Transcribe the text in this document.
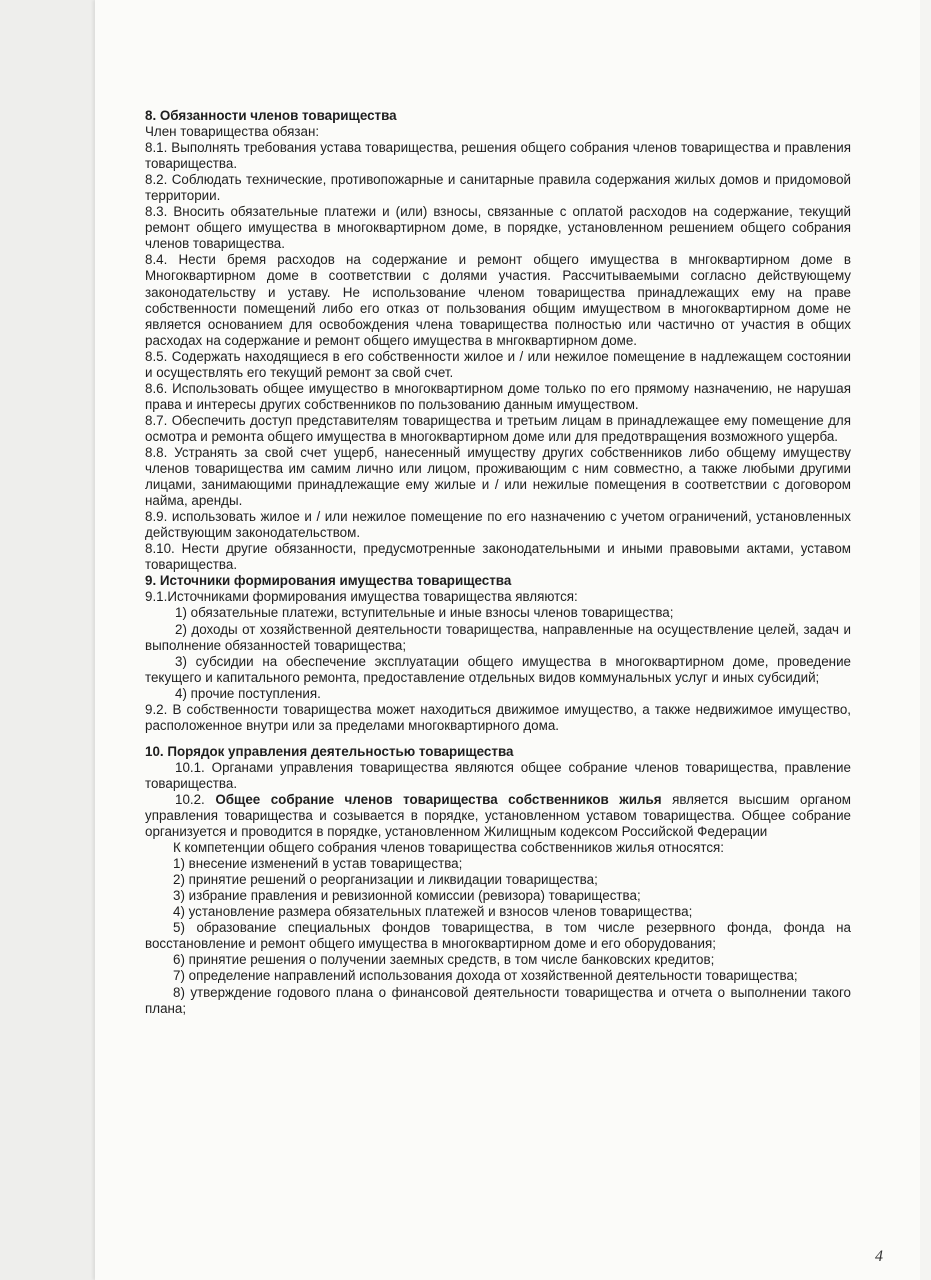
8. Обязанности членов товарищества

Член товарищества обязан:

8.1. Выполнять требования устава товарищества, решения общего собрания членов товарищества и правления товарищества.

8.2. Соблюдать технические, противопожарные и санитарные правила содержания жилых домов и придомовой территории.

8.3. Вносить обязательные платежи и (или) взносы, связанные с оплатой расходов на содержание, текущий ремонт общего имущества в многоквартирном доме, в порядке, установленном решением общего собрания членов товарищества.

8.4. Нести бремя расходов на содержание и ремонт общего имущества в мнгоквартирном доме в Многоквартирном доме в соответствии с долями участия. Рассчитываемыми согласно действующему законодательству и уставу. Не использование членом товарищества принадлежащих ему на праве собственности помещений либо его отказ от пользования общим имуществом в многоквартирном доме не является основанием для освобождения члена товарищества полностью или частично от участия в общих расходах на содержание и ремонт общего имущества в мнгоквартирном доме.

8.5. Содержать находящиеся в его собственности жилое и / или нежилое помещение в надлежащем состоянии и осуществлять его текущий ремонт за свой счет.

8.6. Использовать общее имущество в многоквартирном доме только по его прямому назначению, не нарушая права и интересы других собственников по пользованию данным имуществом.

8.7. Обеспечить доступ представителям товарищества и третьим лицам в принадлежащее ему помещение для осмотра и ремонта общего имущества в многоквартирном доме или для предотвращения возможного ущерба.

8.8. Устранять за свой счет ущерб, нанесенный имуществу других собственников либо общему имуществу членов товарищества им самим лично или лицом, проживающим с ним совместно, а также любыми другими лицами, занимающими принадлежащие ему жилые и / или нежилые помещения в соответствии с договором найма, аренды.

8.9. использовать жилое и / или нежилое помещение по его назначению с учетом ограничений, установленных действующим законодательством.

8.10. Нести другие обязанности, предусмотренные законодательными и иными правовыми актами, уставом товарищества.

9. Источники формирования имущества товарищества

9.1.Источниками формирования имущества товарищества являются:

1) обязательные платежи, вступительные и иные взносы членов товарищества;

2) доходы от хозяйственной деятельности товарищества, направленные на осуществление целей, задач и выполнение обязанностей товарищества;

3) субсидии на обеспечение эксплуатации общего имущества в многоквартирном доме, проведение текущего и капитального ремонта, предоставление отдельных видов коммунальных услуг и иных субсидий;

4) прочие поступления.

9.2. В собственности товарищества может находиться движимое имущество, а также недвижимое имущество, расположенное внутри или за пределами многоквартирного дома.

10. Порядок управления деятельностью товарищества

10.1. Органами управления товарищества являются общее собрание членов товарищества, правление товарищества.

10.2. Общее собрание членов товарищества собственников жилья является высшим органом управления товарищества и созывается в порядке, установленном уставом товарищества. Общее собрание организуется и проводится в порядке, установленном Жилищным кодексом Российской Федерации

К компетенции общего собрания членов товарищества собственников жилья относятся:

1) внесение изменений в устав товарищества;

2) принятие решений о реорганизации и ликвидации товарищества;

3) избрание правления и ревизионной комиссии (ревизора) товарищества;

4) установление размера обязательных платежей и взносов членов товарищества;

5) образование специальных фондов товарищества, в том числе резервного фонда, фонда на восстановление и ремонт общего имущества в многоквартирном доме и его оборудования;

6) принятие решения о получении заемных средств, в том числе банковских кредитов;

7) определение направлений использования дохода от хозяйственной деятельности товарищества;

8) утверждение годового плана о финансовой деятельности товарищества и отчета о выполнении такого плана;

4
